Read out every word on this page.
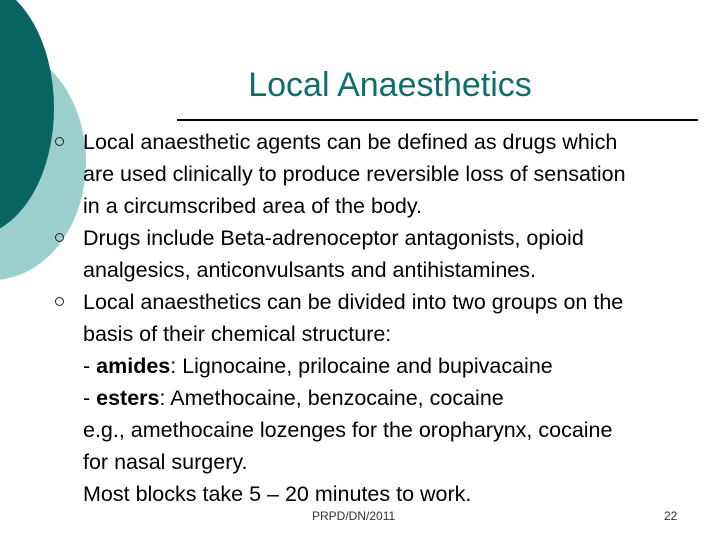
Local Anaesthetics
Local anaesthetic agents can be defined as drugs which
are used clinically to produce reversible loss of sensation
in a circumscribed area of the body.
Drugs include Beta-adrenoceptor antagonists, opioid
analgesics, anticonvulsants and antihistamines.
Local anaesthetics can be divided into two groups on the
basis of their chemical structure:
- amides: Lignocaine, prilocaine and bupivacaine
- esters: Amethocaine, benzocaine, cocaine
e.g., amethocaine lozenges for the oropharynx, cocaine
for nasal surgery.
Most blocks take 5 – 20 minutes to work.
PRPD/DN/2011	22
